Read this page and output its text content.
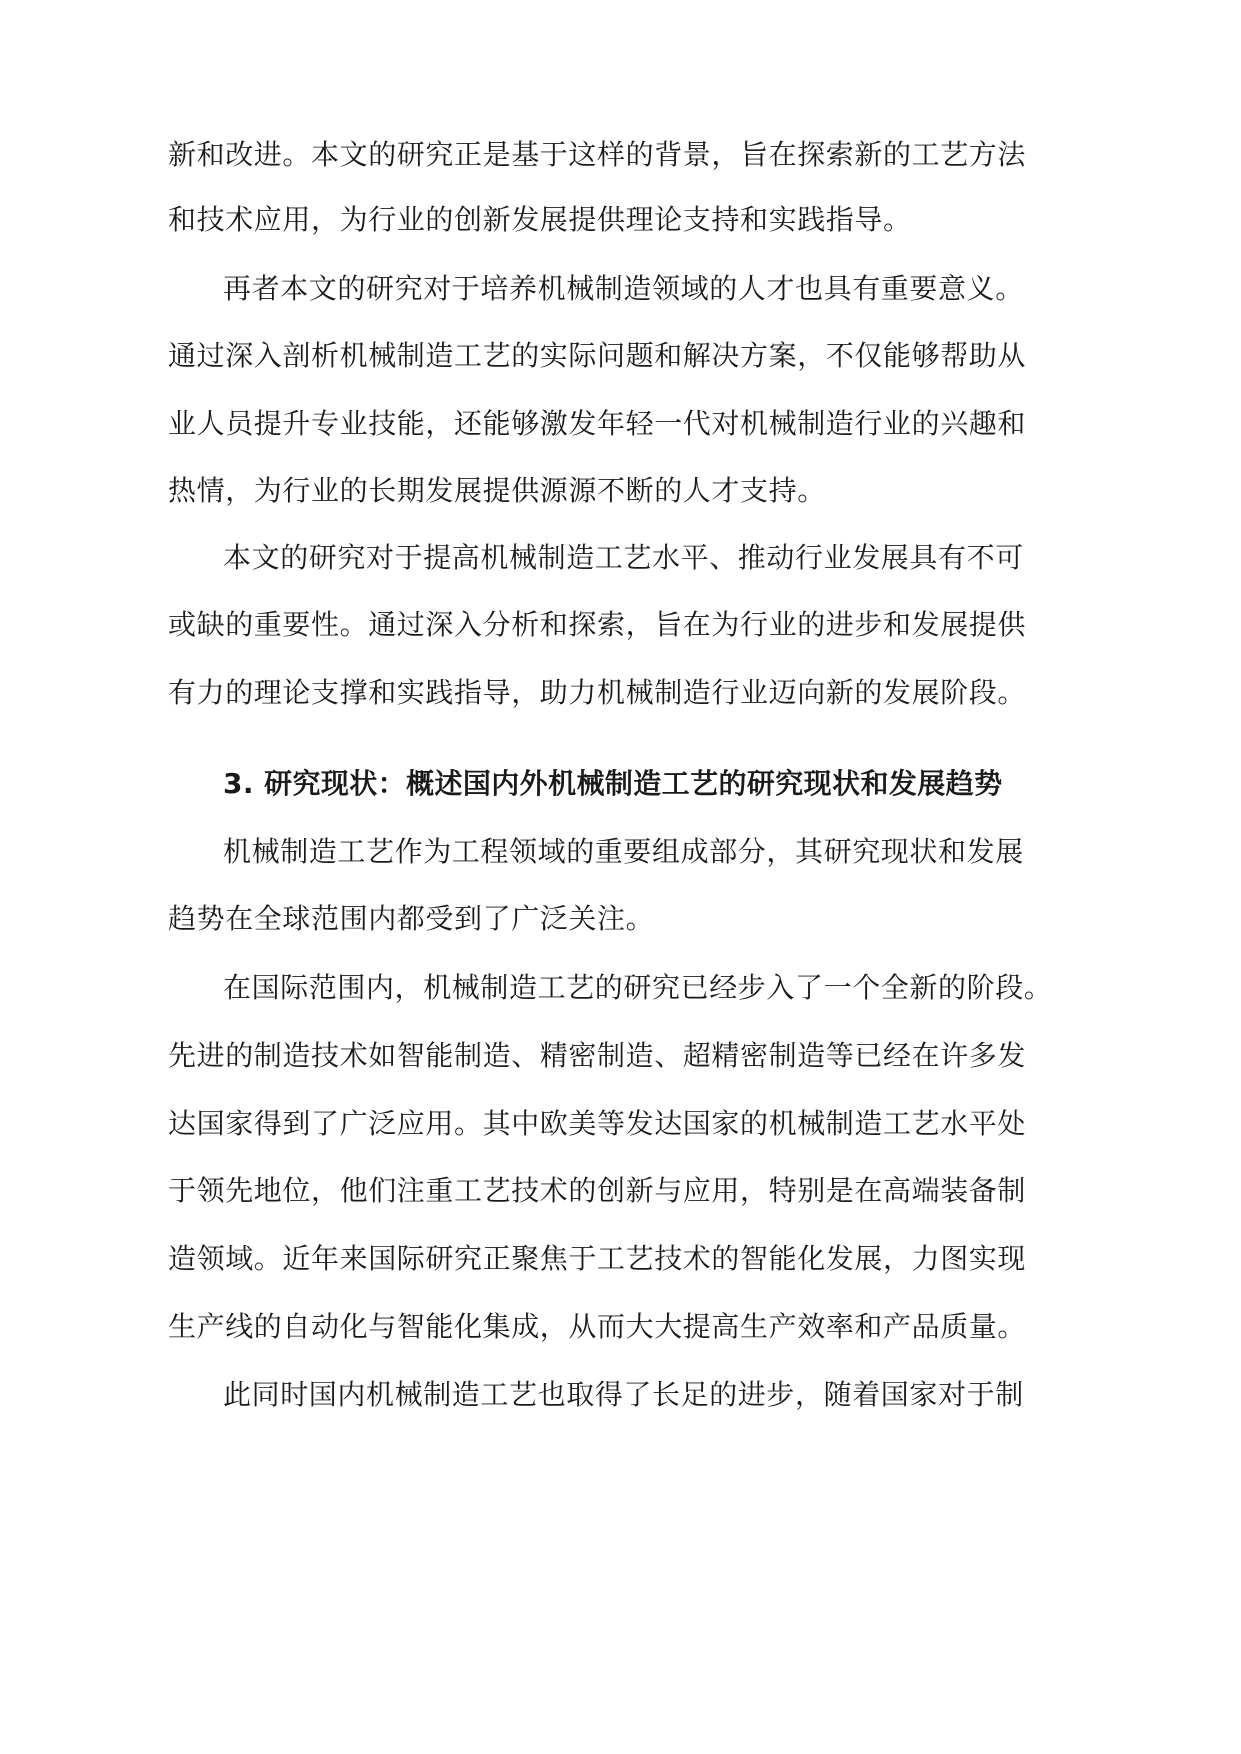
新和改进。本文的研究正是基于这样的背景，旨在探索新的工艺方法

和技术应用，为行业的创新发展提供理论支持和实践指导。

再者本文的研究对于培养机械制造领域的人才也具有重要意义。

通过深入剖析机械制造工艺的实际问题和解决方案，不仅能够帮助从

业人员提升专业技能，还能够激发年轻一代对机械制造行业的兴趣和

热情，为行业的长期发展提供源源不断的人才支持。

本文的研究对于提高机械制造工艺水平、推动行业发展具有不可

或缺的重要性。通过深入分析和探索，旨在为行业的进步和发展提供

有力的理论支撑和实践指导，助力机械制造行业迈向新的发展阶段。

3. 研究现状：概述国内外机械制造工艺的研究现状和发展趋势

机械制造工艺作为工程领域的重要组成部分，其研究现状和发展

趋势在全球范围内都受到了广泛关注。

在国际范围内，机械制造工艺的研究已经步入了一个全新的阶段。

先进的制造技术如智能制造、精密制造、超精密制造等已经在许多发

达国家得到了广泛应用。其中欧美等发达国家的机械制造工艺水平处

于领先地位，他们注重工艺技术的创新与应用，特别是在高端装备制

造领域。近年来国际研究正聚焦于工艺技术的智能化发展，力图实现

生产线的自动化与智能化集成，从而大大提高生产效率和产品质量。

此同时国内机械制造工艺也取得了长足的进步，随着国家对于制
